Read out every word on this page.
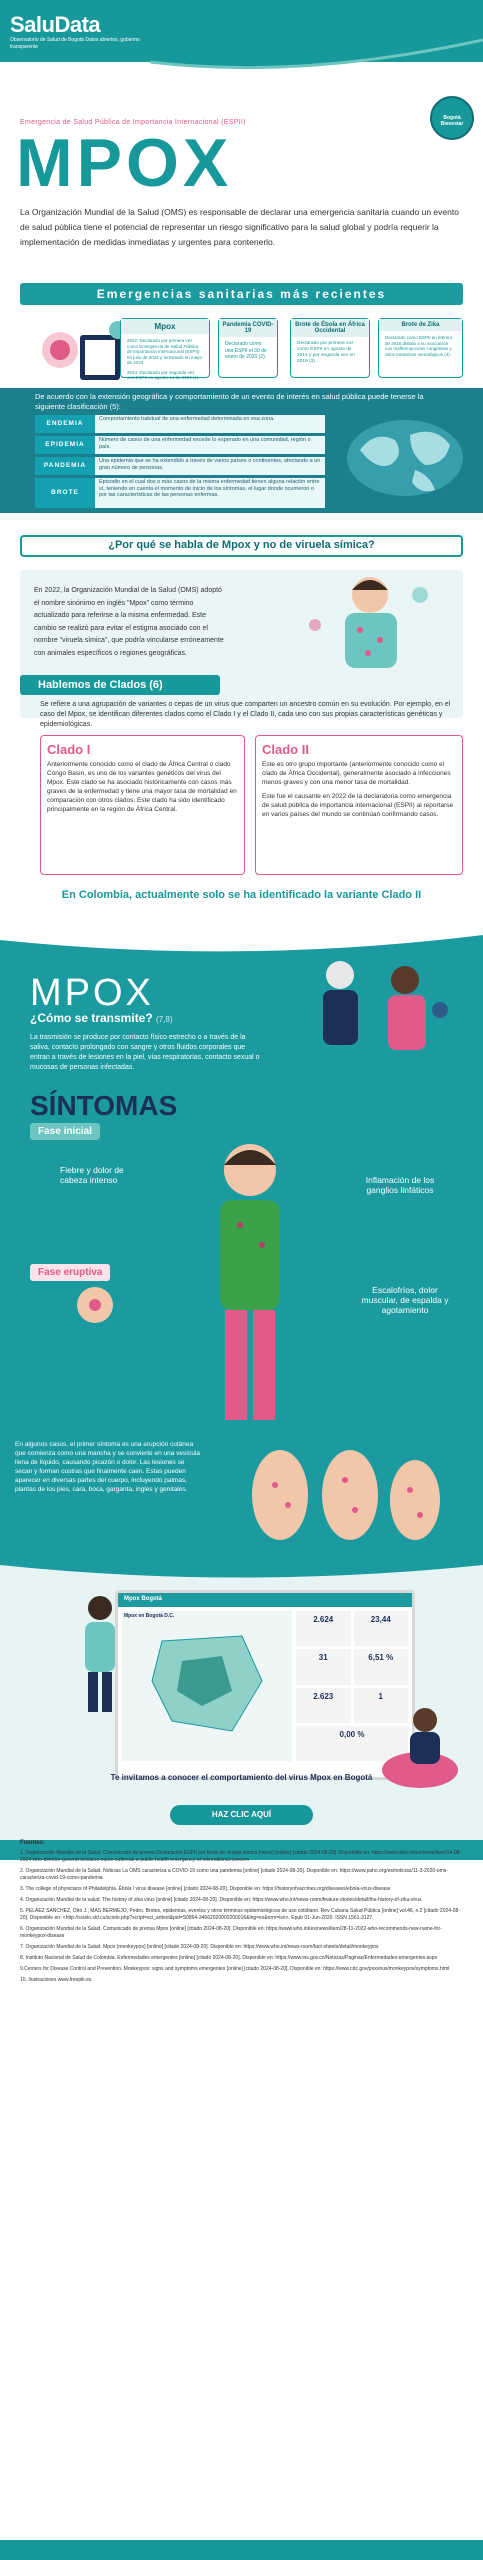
SaluData
Observatorio de Salud de Bogotá Datos abiertos, gobierno transparente
Bogotá Bienestar
Emergencia de Salud Pública de Importancia Internacional (ESPII)
MPOX
La Organización Mundial de la Salud (OMS) es responsable de declarar una emergencia sanitaria cuando un evento de salud pública tiene el potencial de representar un riesgo significativo para la salud global y podría requerir la implementación de medidas inmediatas y urgentes para contenerlo.
Emergencias sanitarias más recientes
Mpox
2022: Declarado por primera vez como Emergencia de Salud Pública de Importancia Internacional (ESPII) en julio de 2022 y terminado en mayo de 2023.
2024: Declarado por segunda vez con ESPII en agosto 14 de 2024 (1).
Pandemia COVID-19
Declarado como una ESPII el 30 de enero de 2020 (2).
Brote de Ébola en África Occidental
Declarado por primera vez como ESPII en agosto de 2014 y por segunda vez en 2019 (3).
Brote de Zika
Declarado como ESPII en febrero de 2016 debido a su asociación con malformaciones congénitas y otros trastornos neurológicos (4).
De acuerdo con la extensión geográfica y comportamiento de un evento de interés en salud pública puede tenerse la siguiente clasificación (5):
ENDEMIA
Comportamiento habitual de una enfermedad determinada en esa zona.
EPIDEMIA
Número de casos de una enfermedad excede lo esperado en una comunidad, región o país.
PANDEMIA
Una epidemia que se ha extendido a través de varios países o continentes, afectando a un gran número de personas.
BROTE
Episodio en el cual dos o más casos de la misma enfermedad tienen alguna relación entre sí, teniendo en cuenta el momento de inicio de los síntomas, el lugar donde ocurrieron o por las características de las personas enfermas.
¿Por qué se habla de Mpox y no de viruela símica?
En 2022, la Organización Mundial de la Salud (OMS) adoptó el nombre sinónimo en inglés "Mpox" como término actualizado para referirse a la misma enfermedad. Este cambio se realizó para evitar el estigma asociado con el nombre "viruela símica", que podría vincularse erróneamente con animales específicos o regiones geográficas.
Hablemos de Clados (6)
Se refiere a una agrupación de variantes o cepas de un virus que comparten un ancestro común en su evolución. Por ejemplo, en el caso del Mpox, se identifican diferentes clados como el Clado I y el Clado II, cada uno con sus propias características genéticas y epidemiológicas.
Clado I
Anteriormente conocido como el clado de África Central o clado Congo Basin, es uno de los variantes genéticos del virus del Mpox. Este clado se ha asociado históricamente con casos más graves de la enfermedad y tiene una mayor tasa de mortalidad en comparación con otros clados. Este clado ha sido identificado principalmente en la región de África Central.
Clado II
Este es otro grupo importante (anteriormente conocido como el clado de África Occidental), generalmente asociado a infecciones menos graves y con una menor tasa de mortalidad.
Este fue el causante en 2022 de la declaratoria como emergencia de salud pública de importancia internacional (ESPII) al reportarse en varios países del mundo se continúan confirmando casos.
En Colombia, actualmente solo se ha identificado la variante Clado II
MPOX
¿Cómo se transmite? (7,8)
La trasmisión se produce por contacto físico estrecho o a través de la saliva, contacto prolongado con sangre y otros fluidos corporales que entran a través de lesiones en la piel, vías respiratorias, contacto sexual o mucosas de personas infectadas.
SÍNTOMAS
Fase inicial
Fiebre y dolor de cabeza intenso	Inflamación de los ganglios linfáticos
Escalofríos, dolor muscular, de espalda y agotamiento
Fase eruptiva
En algunos casos, el primer síntoma es una erupción cutánea que comienza como una mancha y se convierte en una vesícula llena de líquido, causando picazón o dolor. Las lesiones se secan y forman costras que finalmente caen. Estas pueden aparecer en diversas partes del cuerpo, incluyendo palmas, plantas de los pies, cara, boca, garganta, ingles y genitales.
Mpox Bogotá
Mpox en Bogotá D.C.	2.624	23,44
31	6,51 %
2.623	1
0,00 %
Te invitamos a conocer el comportamiento del virus Mpox en Bogotá
HAZ CLIC AQUÍ
Fuentes:
1. Organización Mundial de la Salud. Comunicado de prensa Declaración ESPII por brote de viruela símica (mpox) [online] [citado 2024-08-20]. Disponible en: https://www.who.int/es/news/item/14-08-2024-who-director-general-declares-mpox-outbreak-a-public-health-emergency-of-international-concern
2. Organización Mundial de la Salud. Noticias La OMS caracteriza a COVID-19 como una pandemia [online] [citado 2024-08-20]. Disponible en: https://www.paho.org/es/noticias/11-3-2020-oms-caracteriza-covid-19-como-pandemia
3. The college of physicians of Philadelphia. Ébola / virus disease [online] [citado 2024-08-20]. Disponible en: https://historyofvaccines.org/diseases/ebola-virus-disease
4. Organización Mundial de la salud. The history of zika virus [online] [citado 2024-08-20]. Disponible en: https://www.who.int/news-room/feature-stories/detail/the-history-of-zika-virus
5. PELÁEZ SÁNCHEZ, Otto J.; MAS BERMEJO, Pedro. Brotes, epidemias, eventos y otros términos epidemiológicos de uso cotidiano. Rev Cubana Salud Pública [online] vol.46, n.2 [citado 2024-08-20]. Disponible en: <http://scielo.sld.cu/scielo.php?script=sci_arttext&pid=S0864-34662020000200016&lng=es&nrm=iso>. Epub 01-Jun-2020. ISSN 1561-3127.
6. Organización Mundial de la Salud. Comunicado de prensa Mpox [online] [citado 2024-08-20]. Disponible en: https://www.who.int/es/news/item/28-11-2022-who-recommends-new-name-for-monkeypox-disease
7. Organización Mundial de la Salud. Mpox (monkeypox) [online] [citado 2024-08-20]. Disponible en: https://www.who.int/news-room/fact-sheets/detail/monkeypox
8. Instituto Nacional de Salud de Colombia. Enfermedades emergentes [online] [citado 2024-08-20]. Disponible en: https://www.ins.gov.co/Noticias/Paginas/Enfermedades-emergentes.aspx
9.Centers for Disease Control and Prevention. Monkeypox: signs and symptoms emergentes [online] [citado 2024-08-20]. Disponible en: https://www.cdc.gov/poxvirus/monkeypox/symptoms.html
10. Ilustraciones www.freepik.es
